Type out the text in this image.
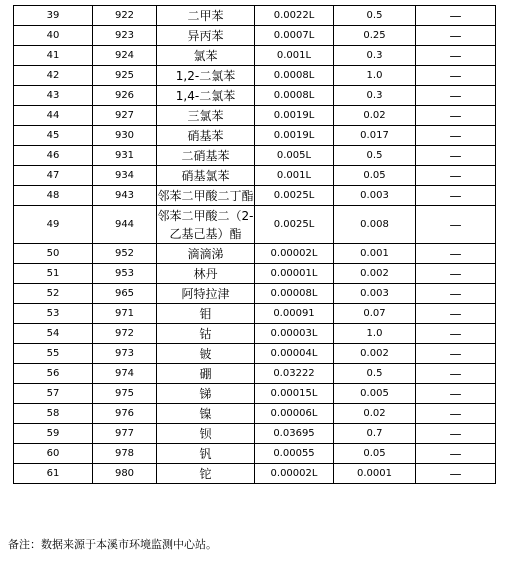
39	922	二甲苯	0.0022L	0.5	—
40	923	异丙苯	0.0007L	0.25	—
41	924	氯苯	0.001L	0.3	—
42	925	1,2-二氯苯	0.0008L	1.0	—
43	926	1,4-二氯苯	0.0008L	0.3	—
44	927	三氯苯	0.0019L	0.02	—
45	930	硝基苯	0.0019L	0.017	—
46	931	二硝基苯	0.005L	0.5	—
47	934	硝基氯苯	0.001L	0.05	—
48	943	邻苯二甲酸二丁酯	0.0025L	0.003	—
49	944	邻苯二甲酸二（2-乙基己基）酯	0.0025L	0.008	—
50	952	滴滴涕	0.00002L	0.001	—
51	953	林丹	0.00001L	0.002	—
52	965	阿特拉津	0.00008L	0.003	—
53	971	钼	0.00091	0.07	—
54	972	钴	0.00003L	1.0	—
55	973	铍	0.00004L	0.002	—
56	974	硼	0.03222	0.5	—
57	975	锑	0.00015L	0.005	—
58	976	镍	0.00006L	0.02	—
59	977	钡	0.03695	0.7	—
60	978	钒	0.00055	0.05	—
61	980	铊	0.00002L	0.0001	—

备注：数据来源于本溪市环境监测中心站。
